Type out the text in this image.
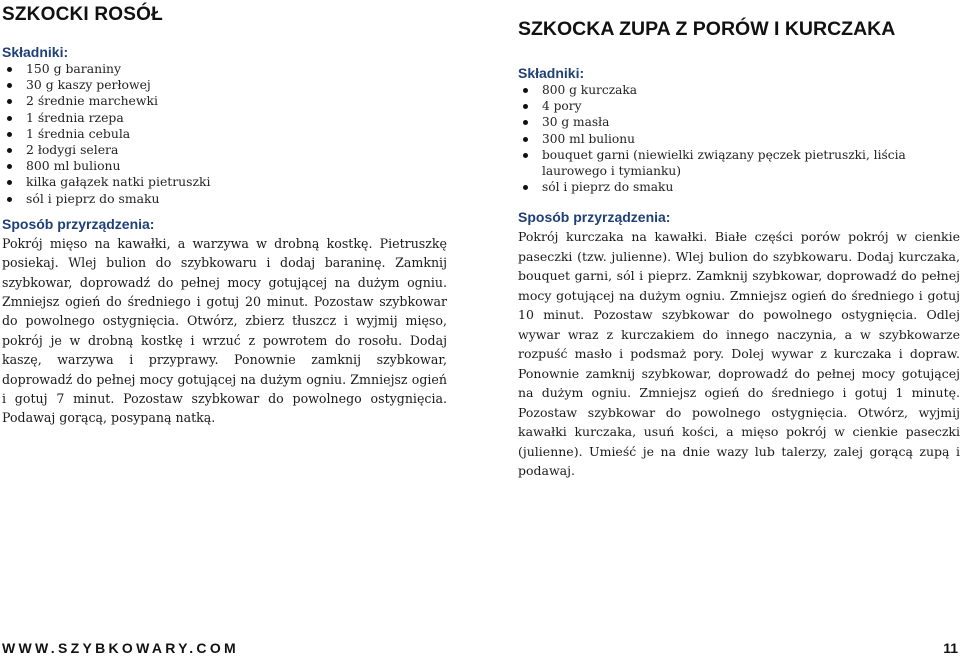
SZKOCKI ROSÓŁ
Składniki:
150 g baraniny
30 g kaszy perłowej
2 średnie marchewki
1 średnia rzepa
1 średnia cebula
2 łodygi selera
800 ml bulionu
kilka gałązek natki pietruszki
sól i pieprz do smaku
Sposób przyrządzenia:

Pokrój mięso na kawałki, a warzywa w drobną kostkę. Pietruszkę posiekaj. Wlej bulion do szybkowaru i dodaj baraninę. Zamknij szybkowar, doprowadź do pełnej mocy gotującej na dużym ogniu. Zmniejsz ogień do średniego i gotuj 20 minut. Pozostaw szybkowar do powolnego ostygnięcia. Otwórz, zbierz tłuszcz i wyjmij mięso, pokrój je w drobną kostkę i wrzuć z powrotem do rosołu. Dodaj kaszę, warzywa i przyprawy. Ponownie zamknij szybkowar, doprowadź do pełnej mocy gotującej na dużym ogniu. Zmniejsz ogień i gotuj 7 minut. Pozostaw szybkowar do powolnego ostygnięcia. Podawaj gorącą, posypaną natką.

SZKOCKA ZUPA Z PORÓW I KURCZAKA
Składniki:
800 g kurczaka
4 pory
30 g masła
300 ml bulionu
bouquet garni (niewielki związany pęczek pietruszki, liścia laurowego i tymianku)
sól i pieprz do smaku
Sposób przyrządzenia:

Pokrój kurczaka na kawałki. Białe części porów pokrój w cienkie paseczki (tzw. julienne). Wlej bulion do szybkowaru. Dodaj kurczaka, bouquet garni, sól i pieprz. Zamknij szybkowar, doprowadź do pełnej mocy gotującej na dużym ogniu. Zmniejsz ogień do średniego i gotuj 10 minut. Pozostaw szybkowar do powolnego ostygnięcia. Odlej wywar wraz z kurczakiem do innego naczynia, a w szybkowarze rozpuść masło i podsmaż pory. Dolej wywar z kurczaka i dopraw. Ponownie zamknij szybkowar, doprowadź do pełnej mocy gotującej na dużym ogniu. Zmniejsz ogień do średniego i gotuj 1 minutę. Pozostaw szybkowar do powolnego ostygnięcia. Otwórz, wyjmij kawałki kurczaka, usuń kości, a mięso pokrój w cienkie paseczki (julienne). Umieść je na dnie wazy lub talerzy, zalej gorącą zupą i podawaj.

WWW.SZYBKOWARY.COM	11
